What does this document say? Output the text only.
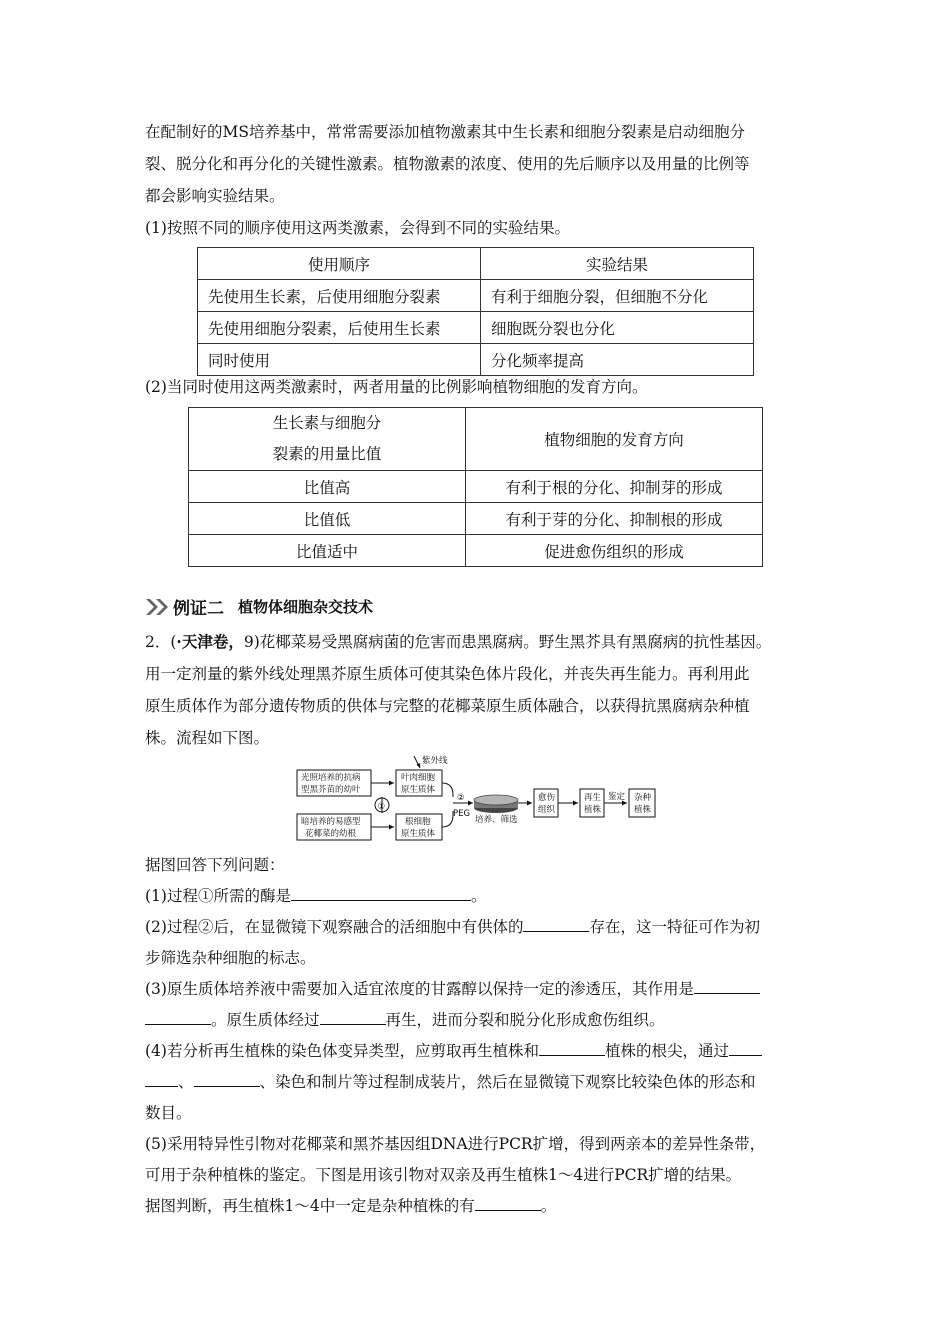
在配制好的MS培养基中，常常需要添加植物激素其中生长素和细胞分裂素是启动细胞分

裂、脱分化和再分化的关键性激素。植物激素的浓度、使用的先后顺序以及用量的比例等

都会影响实验结果。

(1)按照不同的顺序使用这两类激素，会得到不同的实验结果。

使用顺序	实验结果
先使用生长素，后使用细胞分裂素	有利于细胞分裂，但细胞不分化
先使用细胞分裂素，后使用生长素	细胞既分裂也分化
同时使用	分化频率提高

(2)当同时使用这两类激素时，两者用量的比例影响植物细胞的发育方向。

生长素与细胞分
裂素的用量比值	植物细胞的发育方向
比值高	有利于根的分化、抑制芽的形成
比值低	有利于芽的分化、抑制根的形成
比值适中	促进愈伤组织的形成
例证二 植物体细胞杂交技术

2．(·天津卷，9)花椰菜易受黑腐病菌的危害而患黑腐病。野生黑芥具有黑腐病的抗性基因。

用一定剂量的紫外线处理黑芥原生质体可使其染色体片段化，并丧失再生能力。再利用此

原生质体作为部分遗传物质的供体与完整的花椰菜原生质体融合，以获得抗黑腐病杂种植

株。流程如下图。

光照培养的抗病
型黑芥苗的幼叶
暗培养的易感型
花椰菜的幼根
叶肉细胞
原生质体
根细胞
原生质体
紫外线
①
②
PEG
培养、筛选
愈伤
组织
再生
植株
鉴定 杂种
植株

据图回答下列问题：

(1)过程①所需的酶是	。

(2)过程②后，在显微镜下观察融合的活细胞中有供体的	存在，这一特征可作为初

步筛选杂种细胞的标志。

(3)原生质体培养液中需要加入适宜浓度的甘露醇以保持一定的渗透压，其作用是

。原生质体经过	再生，进而分裂和脱分化形成愈伤组织。

(4)若分析再生植株的染色体变异类型，应剪取再生植株和	植株的根尖，通过

、	、染色和制片等过程制成装片，然后在显微镜下观察比较染色体的形态和

数目。

(5)采用特异性引物对花椰菜和黑芥基因组DNA进行PCR扩增，得到两亲本的差异性条带，

可用于杂种植株的鉴定。下图是用该引物对双亲及再生植株1～4进行PCR扩增的结果。

据图判断，再生植株1～4中一定是杂种植株的有	。
